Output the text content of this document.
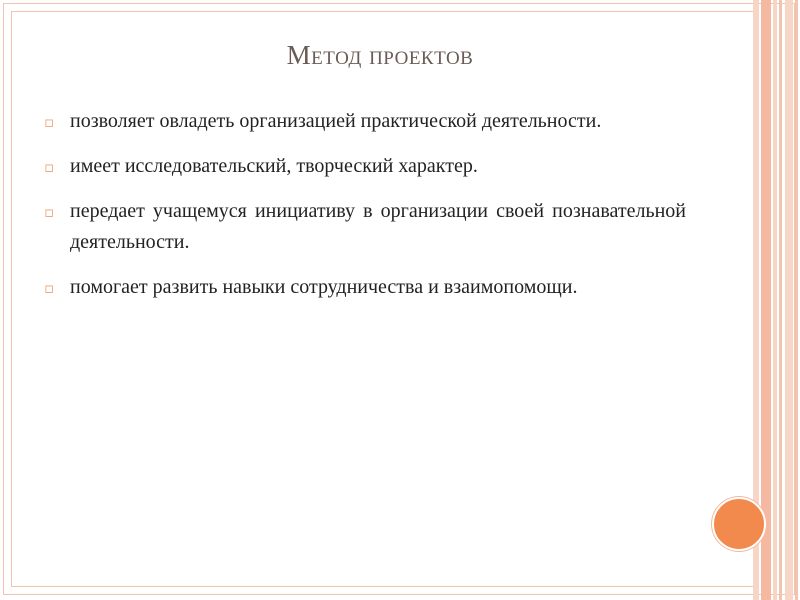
Метод проектов
▫ позволяет овладеть организацией практической деятельности.
▫ имеет исследовательский, творческий характер.
▫ передает учащемуся инициативу в организации своей познавательной деятельности.
▫ помогает развить навыки сотрудничества и взаимопомощи.
